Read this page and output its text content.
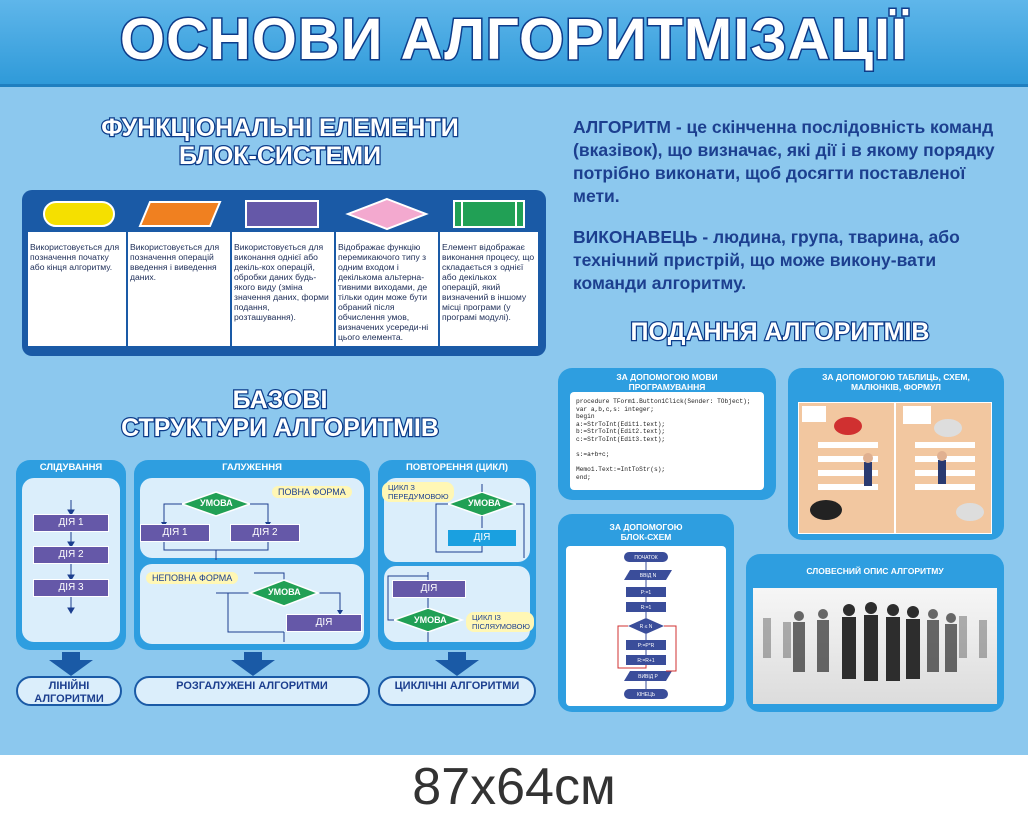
ОСНОВИ АЛГОРИТМІЗАЦІЇ
ФУНКЦІОНАЛЬНІ ЕЛЕМЕНТИ
БЛОК-СИСТЕМИ
Використовується для позначення початку або кінця алгоритму.
Використовується для позначення операцій введення і виведення даних.
Використовується для виконання однієї або декіль-кох операцій, обробки даних будь-якого виду (зміна значення даних, форми подання, розташування).
Відображає функцію перемикаючого типу з одним входом і декількома альтерна-тивними виходами, де тільки один може бути обраний після обчислення умов, визначених усереди-ні цього елемента.
Елемент відображає виконання процесу, що складається з однієї або декількох операцій, який визначений в іншому місці програми (у програмі модулі).
АЛГОРИТМ - це скінченна послідовність команд (вказівок), що визначає, які дії і в якому порядку потрібно виконати, щоб досягти поставленої мети.
ВИКОНАВЕЦЬ - людина, група, тварина, або технічний пристрій, що може викону-вати команди алгоритму.
ПОДАННЯ АЛГОРИТМІВ
БАЗОВІ
СТРУКТУРИ АЛГОРИТМІВ
СЛІДУВАННЯ
ДІЯ 1
ДІЯ 2
ДІЯ 3
ГАЛУЖЕННЯ
УМОВА
ПОВНА ФОРМА
ДІЯ 1	ДІЯ 2
НЕПОВНА ФОРМА
УМОВА
ДІЯ
ПОВТОРЕННЯ (ЦИКЛ)
ЦИКЛ З ПЕРЕДУМОВОЮ
УМОВА
ДІЯ
ДІЯ
УМОВА	ЦИКЛ ІЗ ПІСЛЯУМОВОЮ
ЛІНІЙНІ АЛГОРИТМИ
РОЗГАЛУЖЕНІ АЛГОРИТМИ	ЦИКЛІЧНІ АЛГОРИТМИ
ЗА ДОПОМОГОЮ МОВИ ПРОГРАМУВАННЯ
procedure TForm1.Button1Click(Sender: TObject);
var a,b,c,s: integer;
begin
a:=StrToInt(Edit1.text);
b:=StrToInt(Edit2.text);
c:=StrToInt(Edit3.text);

s:=a+b+c;

Memo1.Text:=IntToStr(s);
end;
ЗА ДОПОМОГОЮ ТАБЛИЦЬ, СХЕМ, МАЛЮНКІВ, ФОРМУЛ
ЗА ДОПОМОГОЮ БЛОК-СХЕМ
ПОЧАТОК
ВВІД N
P:=1
R:=1
R ≤ N
P:=P*R
R:=R+1
ВИВІД P
КІНЕЦЬ
СЛОВЕСНИЙ ОПИС АЛГОРИТМУ
87х64см
